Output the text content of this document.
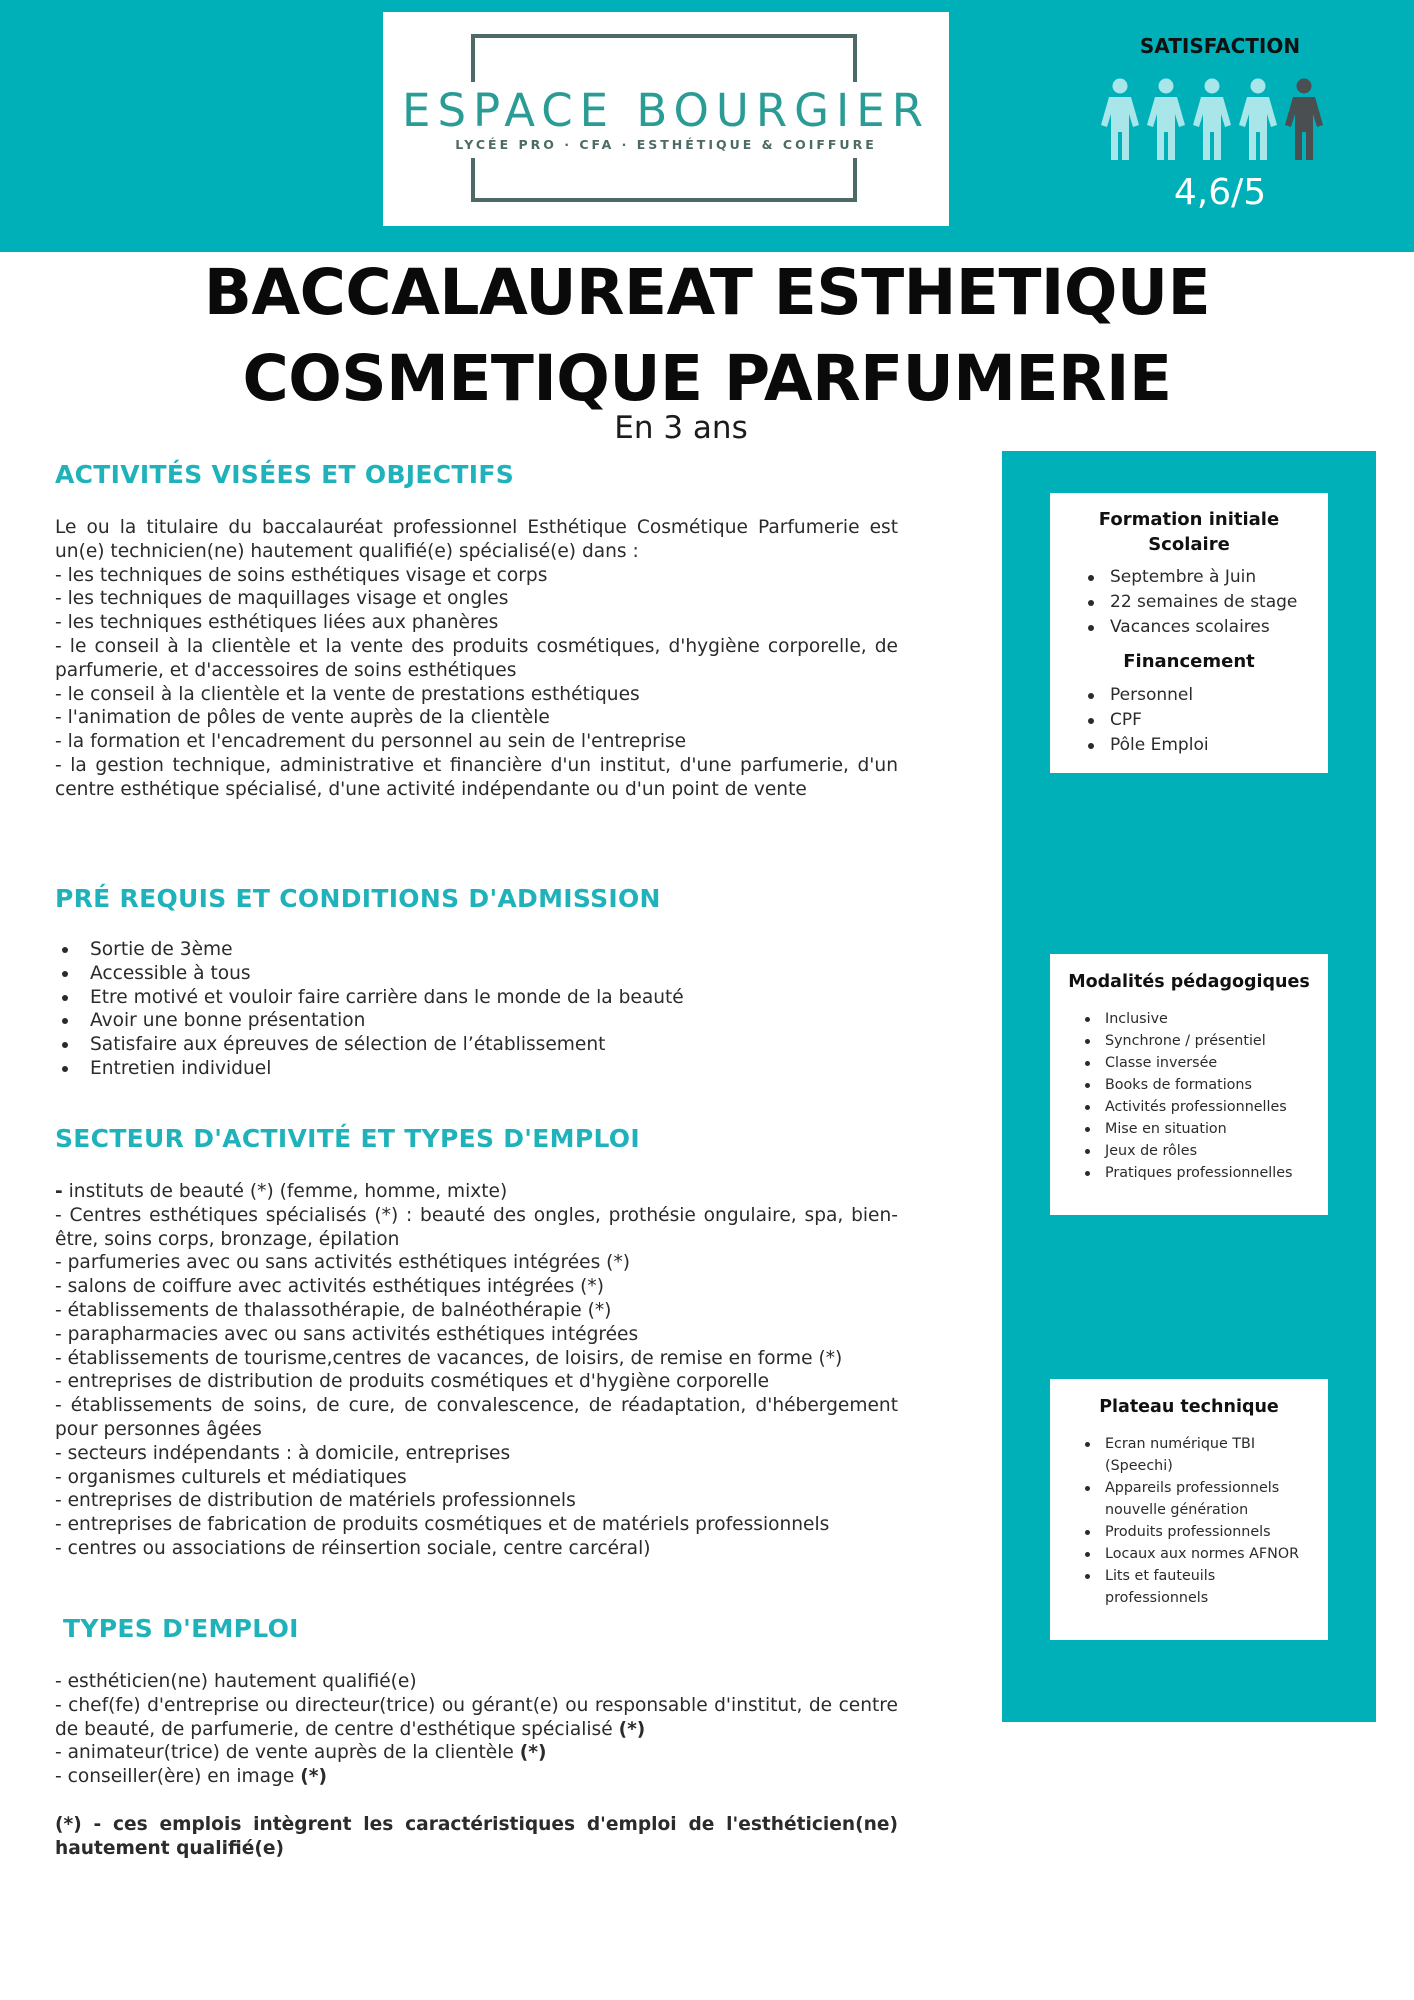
ESPACE BOURGIER
LYCÉE PRO · CFA · ESTHÉTIQUE & COIFFURE
SATISFACTION
4,6/5
BACCALAUREAT ESTHETIQUE COSMETIQUE PARFUMERIE
En 3 ans
ACTIVITÉS VISÉES ET OBJECTIFS

Le ou la titulaire du baccalauréat professionnel Esthétique Cosmétique Parfumerie est un(e) technicien(ne) hautement qualifié(e) spécialisé(e) dans :

- les techniques de soins esthétiques visage et corps

- les techniques de maquillages visage et ongles

- les techniques esthétiques liées aux phanères

- le conseil à la clientèle et la vente des produits cosmétiques, d'hygiène corporelle, de parfumerie, et d'accessoires de soins esthétiques

- le conseil à la clientèle et la vente de prestations esthétiques

- l'animation de pôles de vente auprès de la clientèle

- la formation et l'encadrement du personnel au sein de l'entreprise

- la gestion technique, administrative et financière d'un institut, d'une parfumerie, d'un centre esthétique spécialisé, d'une activité indépendante ou d'un point de vente

PRÉ REQUIS ET CONDITIONS D'ADMISSION
Sortie de 3ème
Accessible à tous
Etre motivé et vouloir faire carrière dans le monde de la beauté
Avoir une bonne présentation
Satisfaire aux épreuves de sélection de l’établissement
Entretien individuel
SECTEUR D'ACTIVITÉ ET TYPES D'EMPLOI

- instituts de beauté (*) (femme, homme, mixte)

- Centres esthétiques spécialisés (*) : beauté des ongles, prothésie ongulaire, spa, bien-être, soins corps, bronzage, épilation

- parfumeries avec ou sans activités esthétiques intégrées (*)

- salons de coiffure avec activités esthétiques intégrées (*)

- établissements de thalassothérapie, de balnéothérapie (*)

- parapharmacies avec ou sans activités esthétiques intégrées

- établissements de tourisme,centres de vacances, de loisirs, de remise en forme (*)

- entreprises de distribution de produits cosmétiques et d'hygiène corporelle

- établissements de soins, de cure, de convalescence, de réadaptation, d'hébergement pour personnes âgées

- secteurs indépendants : à domicile, entreprises

- organismes culturels et médiatiques

- entreprises de distribution de matériels professionnels

- entreprises de fabrication de produits cosmétiques et de matériels professionnels

- centres ou associations de réinsertion sociale, centre carcéral)

TYPES D'EMPLOI

- esthéticien(ne) hautement qualifié(e)

- chef(fe) d'entreprise ou directeur(trice) ou gérant(e) ou responsable d'institut, de centre de beauté, de parfumerie, de centre d'esthétique spécialisé (*)

- animateur(trice) de vente auprès de la clientèle (*)

- conseiller(ère) en image (*)

(*) - ces emplois intègrent les caractéristiques d'emploi de l'esthéticien(ne) hautement qualifié(e)

Formation initiale Scolaire
Septembre à Juin
22 semaines de stage
Vacances scolaires
Financement
Personnel
CPF
Pôle Emploi
Modalités pédagogiques
Inclusive
Synchrone / présentiel
Classe inversée
Books de formations
Activités professionnelles
Mise en situation
Jeux de rôles
Pratiques professionnelles
Plateau technique
Ecran numérique TBI (Speechi)
Appareils professionnels nouvelle génération
Produits professionnels
Locaux aux normes AFNOR
Lits et fauteuils professionnels
